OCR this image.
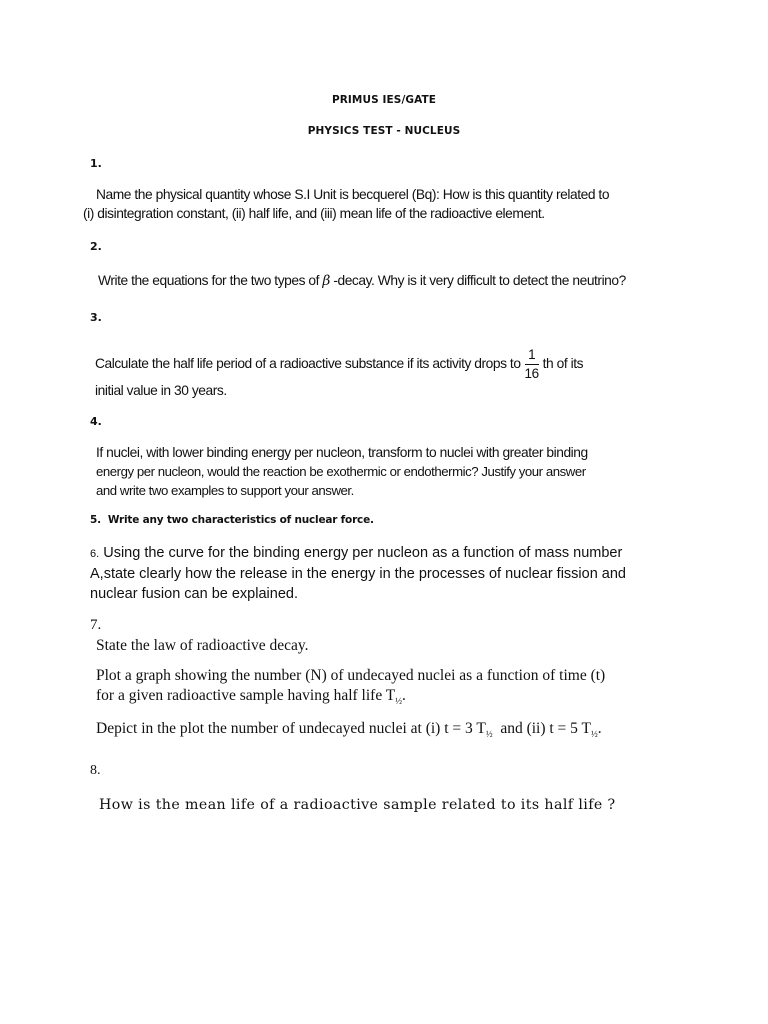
PRIMUS IES/GATE
PHYSICS TEST - NUCLEUS
1.
Name the physical quantity whose S.I Unit is becquerel (Bq): How is this quantity related to
(i) disintegration constant, (ii) half life, and (iii) mean life of the radioactive element.
2.
Write the equations for the two types of β -decay. Why is it very difficult to detect the neutrino?
3.
Calculate the half life period of a radioactive substance if its activity drops to $\frac{1}{16}$ th of its
initial value in 30 years.
4.
If nuclei, with lower binding energy per nucleon, transform to nuclei with greater binding
energy per nucleon, would the reaction be exothermic or endothermic? Justify your answer
and write two examples to support your answer.
5. Write any two characteristics of nuclear force.
6. Using the curve for the binding energy per nucleon as a function of mass number
A,state clearly how the release in the energy in the processes of nuclear fission and
nuclear fusion can be explained.
7.
State the law of radioactive decay.
Plot a graph showing the number (N) of undecayed nuclei as a function of time (t)
for a given radioactive sample having half life $T_{\frac{1}{2}}$.
Depict in the plot the number of undecayed nuclei at (i) t = 3 $T_{\frac{1}{2}}$ and (ii) t = 5 $T_{\frac{1}{2}}$.
8.
How is the mean life of a radioactive sample related to its half life ?
